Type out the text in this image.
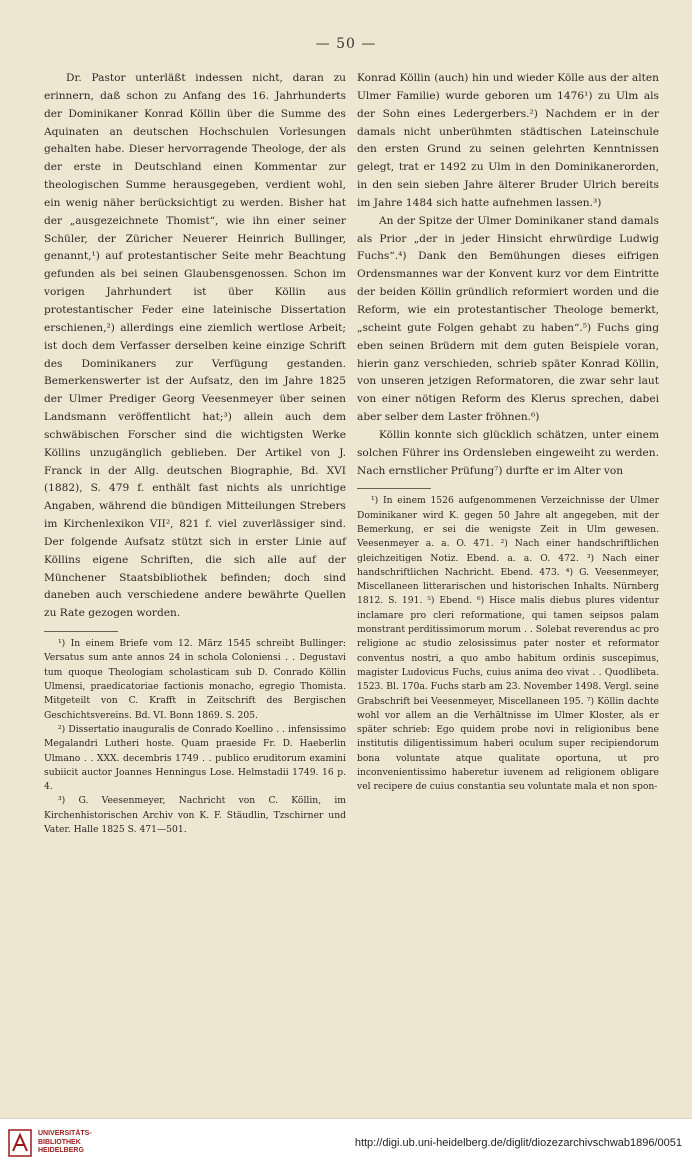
— 50 —

Dr. Pastor unterläßt indessen nicht, daran zu erinnern, daß schon zu Anfang des 16. Jahrhunderts der Dominikaner Konrad Köllin über die Summe des Aquinaten an deutschen Hochschulen Vorlesungen gehalten habe. Dieser hervorragende Theologe, der als der erste in Deutschland einen Kommentar zur theologischen Summe herausgegeben, verdient wohl, ein wenig näher berücksichtigt zu werden. Bisher hat der „ausgezeichnete Thomist“, wie ihn einer seiner Schüler, der Züricher Neuerer Heinrich Bullinger, genannt,¹) auf protestantischer Seite mehr Beachtung gefunden als bei seinen Glaubensgenossen. Schon im vorigen Jahrhundert ist über Köllin aus protestantischer Feder eine lateinische Dissertation erschienen,²) allerdings eine ziemlich wertlose Arbeit; ist doch dem Verfasser derselben keine einzige Schrift des Dominikaners zur Verfügung gestanden. Bemerkenswerter ist der Aufsatz, den im Jahre 1825 der Ulmer Prediger Georg Veesenmeyer über seinen Landsmann veröffentlicht hat;³) allein auch dem schwäbischen Forscher sind die wichtigsten Werke Köllins unzugänglich geblieben. Der Artikel von J. Franck in der Allg. deutschen Biographie, Bd. XVI (1882), S. 479 f. enthält fast nichts als unrichtige Angaben, während die bündigen Mitteilungen Strebers im Kirchenlexikon VII², 821 f. viel zuverlässiger sind. Der folgende Aufsatz stützt sich in erster Linie auf Köllins eigene Schriften, die sich alle auf der Münchener Staatsbibliothek befinden; doch sind daneben auch verschiedene andere bewährte Quellen zu Rate gezogen worden.

¹) In einem Briefe vom 12. März 1545 schreibt Bullinger: Versatus sum ante annos 24 in schola Coloniensi . . Degustavi tum quoque Theologiam scholasticam sub D. Conrado Köllin Ulmensi, praedicatoriae factionis monacho, egregio Thomista. Mitgeteilt von C. Krafft in Zeitschrift des Bergischen Geschichtsvereins. Bd. VI. Bonn 1869. S. 205.

²) Dissertatio inauguralis de Conrado Koellino . . infensissimo Megalandri Lutheri hoste. Quam praeside Fr. D. Haeberlin Ulmano . . XXX. decembris 1749 . . publico eruditorum examini subiicit auctor Joannes Henningus Lose. Helmstadii 1749. 16 p. 4.

³) G. Veesenmeyer, Nachricht von C. Köllin, im Kirchenhistorischen Archiv von K. F. Stäudlin, Tzschirner und Vater. Halle 1825 S. 471—501.

Konrad Köllin (auch) hin und wieder Kölle aus der alten Ulmer Familie) wurde geboren um 1476¹) zu Ulm als der Sohn eines Ledergerbers.²) Nachdem er in der damals nicht unberühmten städtischen Lateinschule den ersten Grund zu seinen gelehrten Kenntnissen gelegt, trat er 1492 zu Ulm in den Dominikanerorden, in den sein sieben Jahre älterer Bruder Ulrich bereits im Jahre 1484 sich hatte aufnehmen lassen.³)

An der Spitze der Ulmer Dominikaner stand damals als Prior „der in jeder Hinsicht ehrwürdige Ludwig Fuchs“.⁴) Dank den Bemühungen dieses eifrigen Ordensmannes war der Konvent kurz vor dem Eintritte der beiden Köllin gründlich reformiert worden und die Reform, wie ein protestantischer Theologe bemerkt, „scheint gute Folgen gehabt zu haben“.⁵) Fuchs ging eben seinen Brüdern mit dem guten Beispiele voran, hierin ganz verschieden, schrieb später Konrad Köllin, von unseren jetzigen Reformatoren, die zwar sehr laut von einer nötigen Reform des Klerus sprechen, dabei aber selber dem Laster fröhnen.⁶)

Köllin konnte sich glücklich schätzen, unter einem solchen Führer ins Ordensleben eingeweiht zu werden. Nach ernstlicher Prüfung⁷) durfte er im Alter von

¹) In einem 1526 aufgenommenen Verzeichnisse der Ulmer Dominikaner wird K. gegen 50 Jahre alt angegeben, mit der Bemerkung, er sei die wenigste Zeit in Ulm gewesen. Veesenmeyer a. a. O. 471. ²) Nach einer handschriftlichen gleichzeitigen Notiz. Ebend. a. a. O. 472. ³) Nach einer handschriftlichen Nachricht. Ebend. 473. ⁴) G. Veesenmeyer, Miscellaneen litterarischen und historischen Inhalts. Nürnberg 1812. S. 191. ⁵) Ebend. ⁶) Hisce malis diebus plures videntur inclamare pro cleri reformatione, qui tamen seipsos palam monstrant perditissimorum morum . . Solebat reverendus ac pro religione ac studio zelosissimus pater noster et reformator conventus nostri, a quo ambo habitum ordinis suscepimus, magister Ludovicus Fuchs, cuius anima deo vivat . . Quodlibeta. 1523. Bl. 170a. Fuchs starb am 23. November 1498. Vergl. seine Grabschrift bei Veesenmeyer, Miscellaneen 195. ⁷) Köllin dachte wohl vor allem an die Verhältnisse im Ulmer Kloster, als er später schrieb: Ego quidem probe novi in religionibus bene institutis diligentissimum haberi oculum super recipiendorum bona voluntate atque qualitate oportuna, ut pro inconvenientissimo haberetur iuvenem ad religionem obligare vel recipere de cuius constantia seu voluntate mala et non spon-

UNIVERSITÄTS-
BIBLIOTHEK
HEIDELBERG
http://digi.ub.uni-heidelberg.de/diglit/diozezarchivschwab1896/0051
